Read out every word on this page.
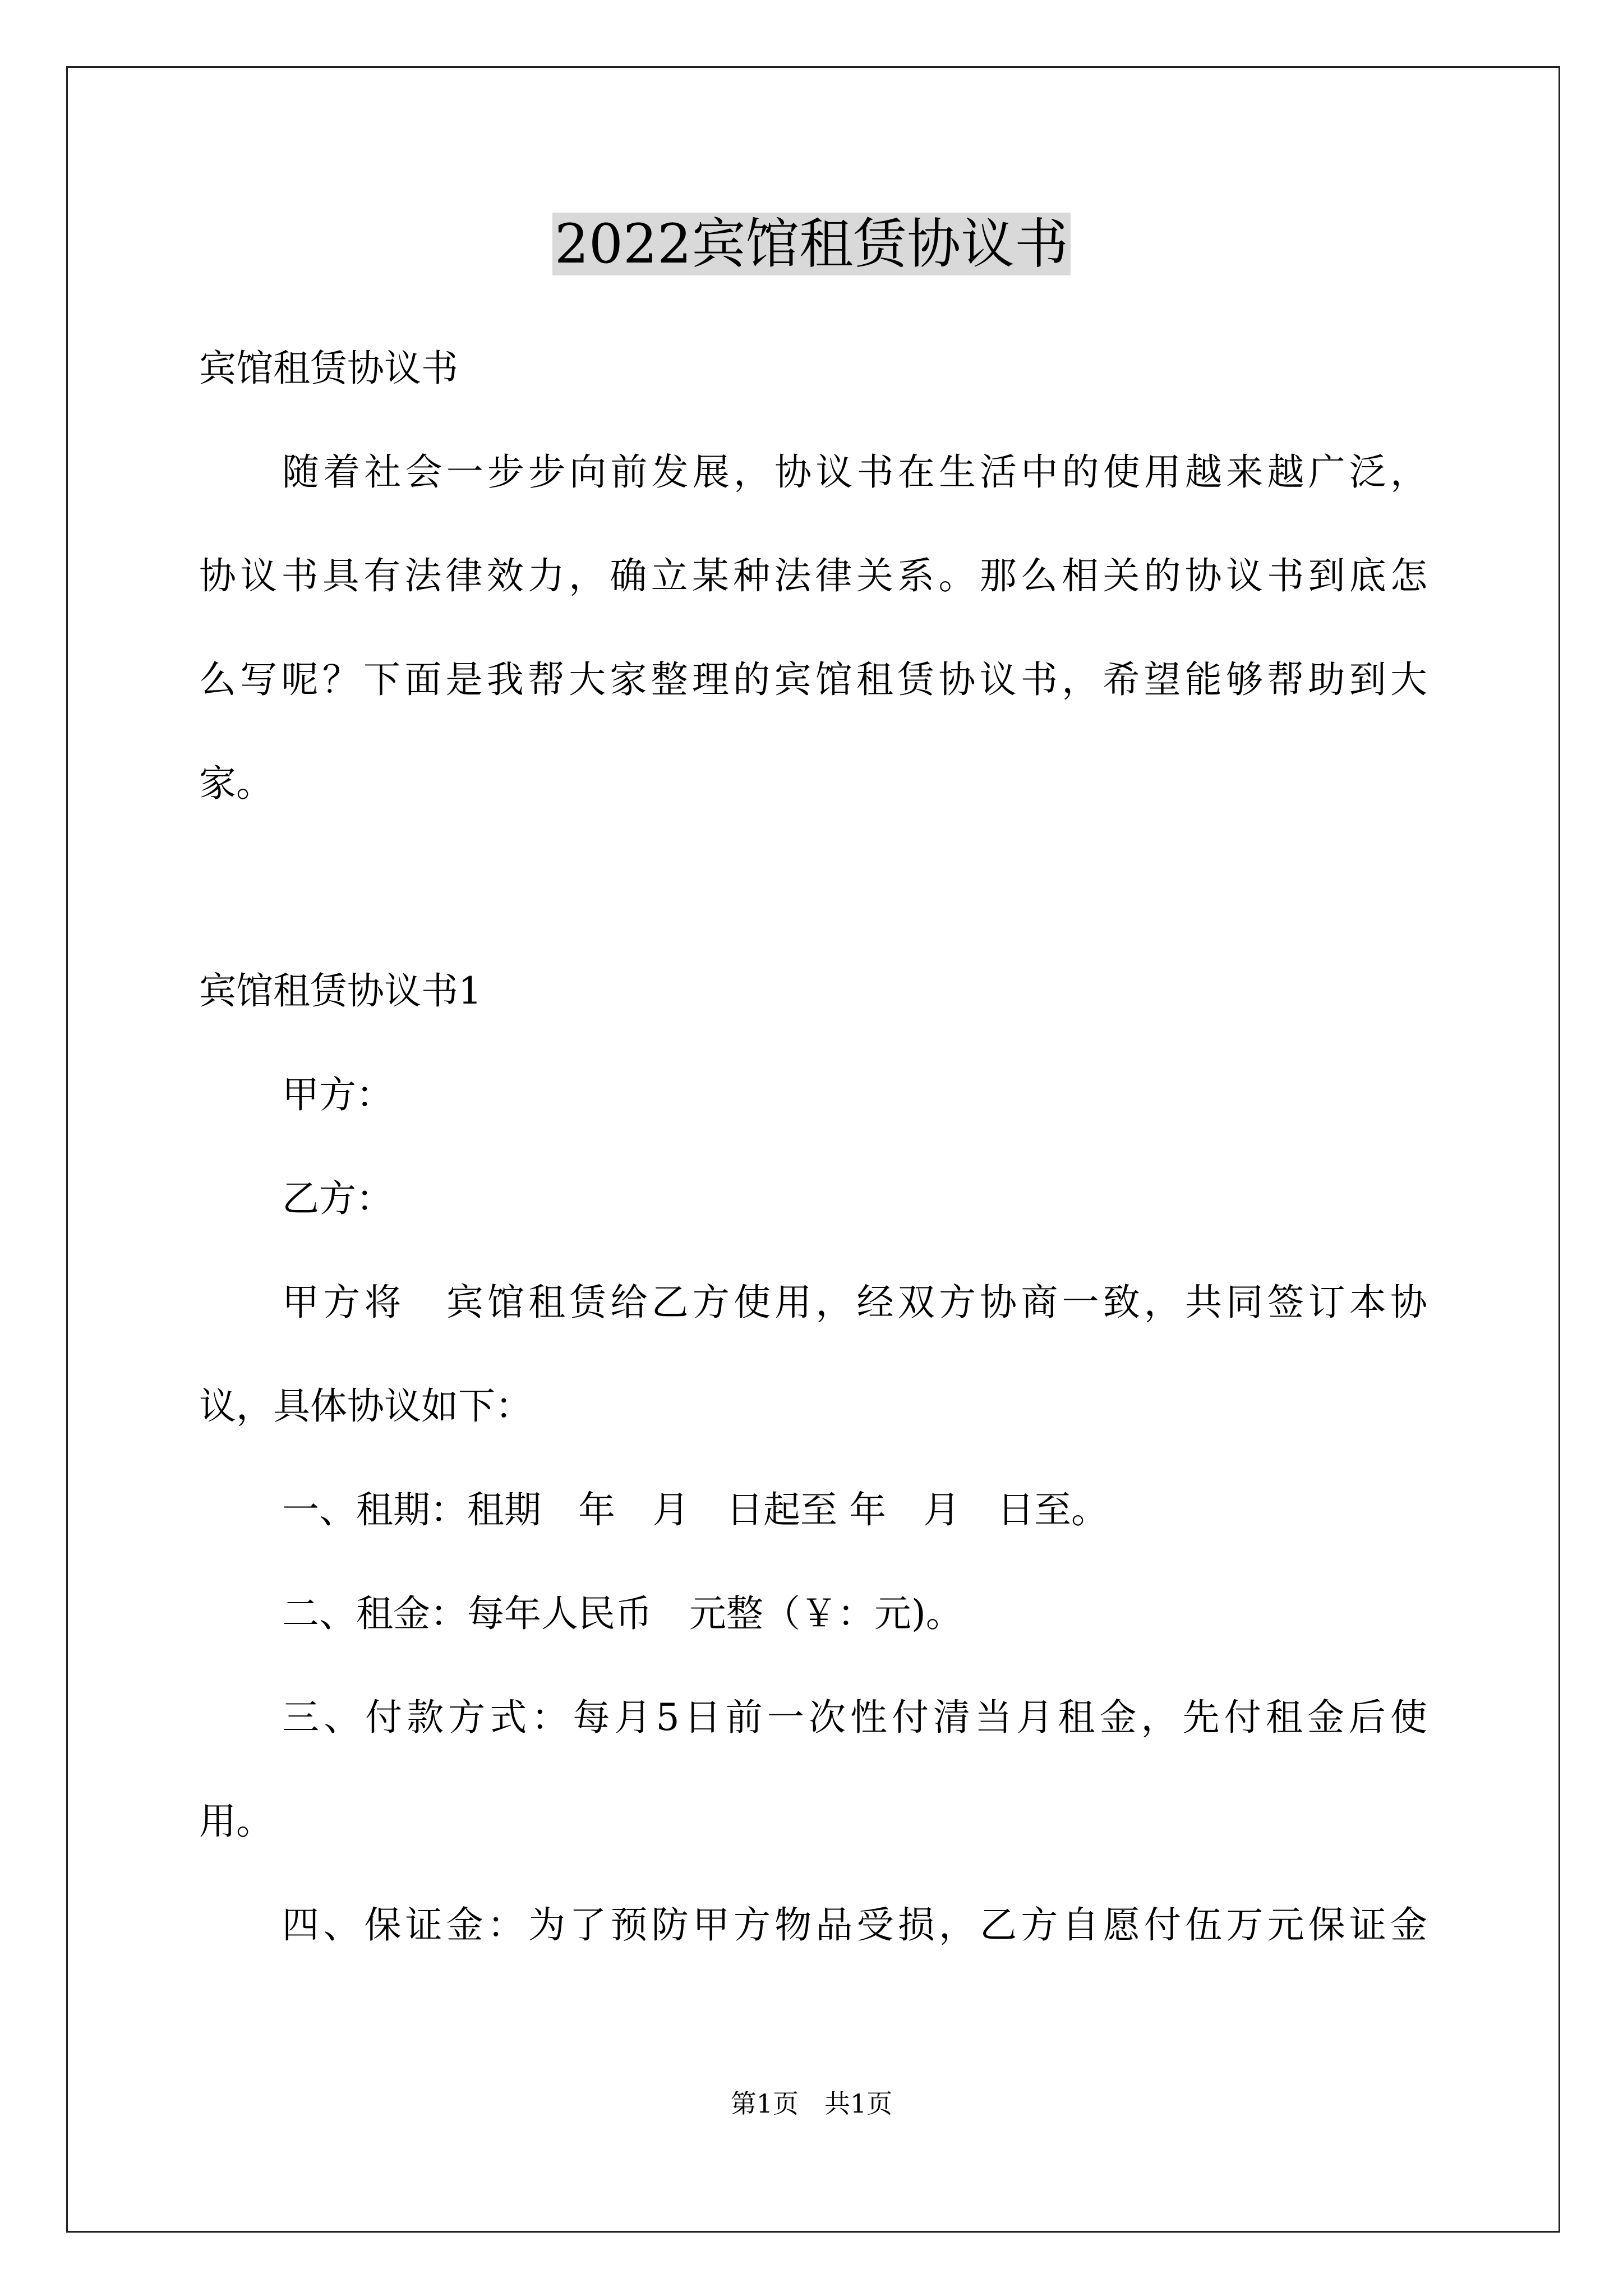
2022宾馆租赁协议书
宾馆租赁协议书
随着社会一步步向前发展，协议书在生活中的使用越来越广泛，
协议书具有法律效力，确立某种法律关系。那么相关的协议书到底怎
么写呢？下面是我帮大家整理的宾馆租赁协议书，希望能够帮助到大
家。
宾馆租赁协议书1
甲方：
乙方：
甲方将　宾馆租赁给乙方使用，经双方协商一致，共同签订本协
议，具体协议如下：
一、租期：租期　年　月　日起至 年　月　日至。
二、租金：每年人民币　元整（￥：元)。
三、付款方式：每月5日前一次性付清当月租金，先付租金后使
用。
四、保证金：为了预防甲方物品受损，乙方自愿付伍万元保证金
第1页　共1页
